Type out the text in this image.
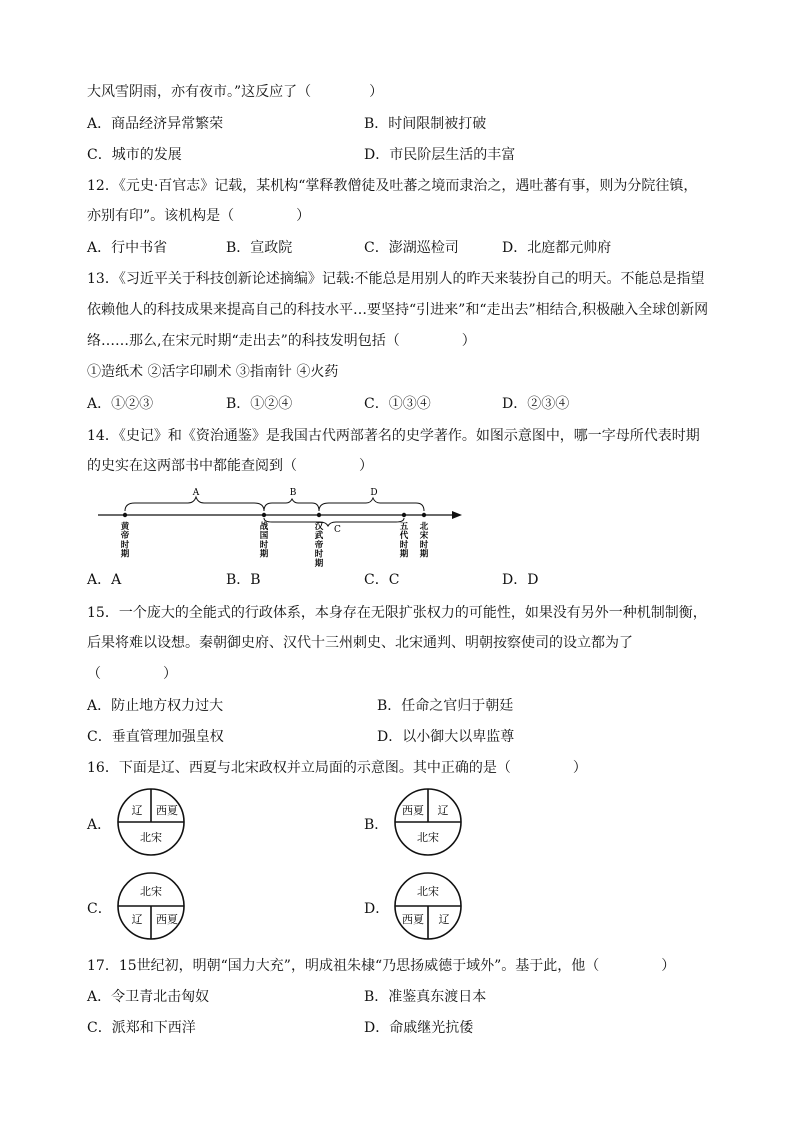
大风雪阴雨，亦有夜市。”这反应了（	）
A．商品经济异常繁荣	B．时间限制被打破
C．城市的发展	D．市民阶层生活的丰富
12．《元史·百官志》记载，某机构“掌释教僧徒及吐蕃之境而隶治之，遇吐蕃有事，则为分院往镇，
亦别有印”。该机构是（	）
A．行中书省	B．宣政院	C．澎湖巡检司	D．北庭都元帅府
13．《习近平关于科技创新论述摘编》记载:不能总是用别人的昨天来装扮自己的明天。不能总是指望
依赖他人的科技成果来提高自己的科技水平…要坚持“引进来”和“走出去”相结合,积极融入全球创新网
络……那么,在宋元时期“走出去”的科技发明包括（	）
①造纸术 ②活字印刷术 ③指南针 ④火药
A．①②③	B．①②④	C．①③④	D．②③④
14．《史记》和《资治通鉴》是我国古代两部著名的史学著作。如图示意图中，哪一字母所代表时期
的史实在这两部书中都能查阅到（	）
A	B	D
C
黄帝时期
战国时期
汉武帝时期
五代时期
北宋时期
A．A	B．B	C．C	D．D
15．一个庞大的全能式的行政体系，本身存在无限扩张权力的可能性，如果没有另外一种机制制衡，
后果将难以设想。秦朝御史府、汉代十三州刺史、北宋通判、明朝按察使司的设立都为了
（	）
A．防止地方权力过大	B．任命之官归于朝廷
C．垂直管理加强皇权	D．以小御大以卑监尊
16．下面是辽、西夏与北宋政权并立局面的示意图。其中正确的是（	）
A．	B．
C．	D．
辽 西夏
北宋
西夏 辽
北宋
北宋
辽 西夏
北宋
西夏 辽
17．15世纪初，明朝“国力大充”，明成祖朱棣“乃思扬威德于域外”。基于此，他（	）
A．令卫青北击匈奴	B．准鉴真东渡日本
C．派郑和下西洋	D．命戚继光抗倭
